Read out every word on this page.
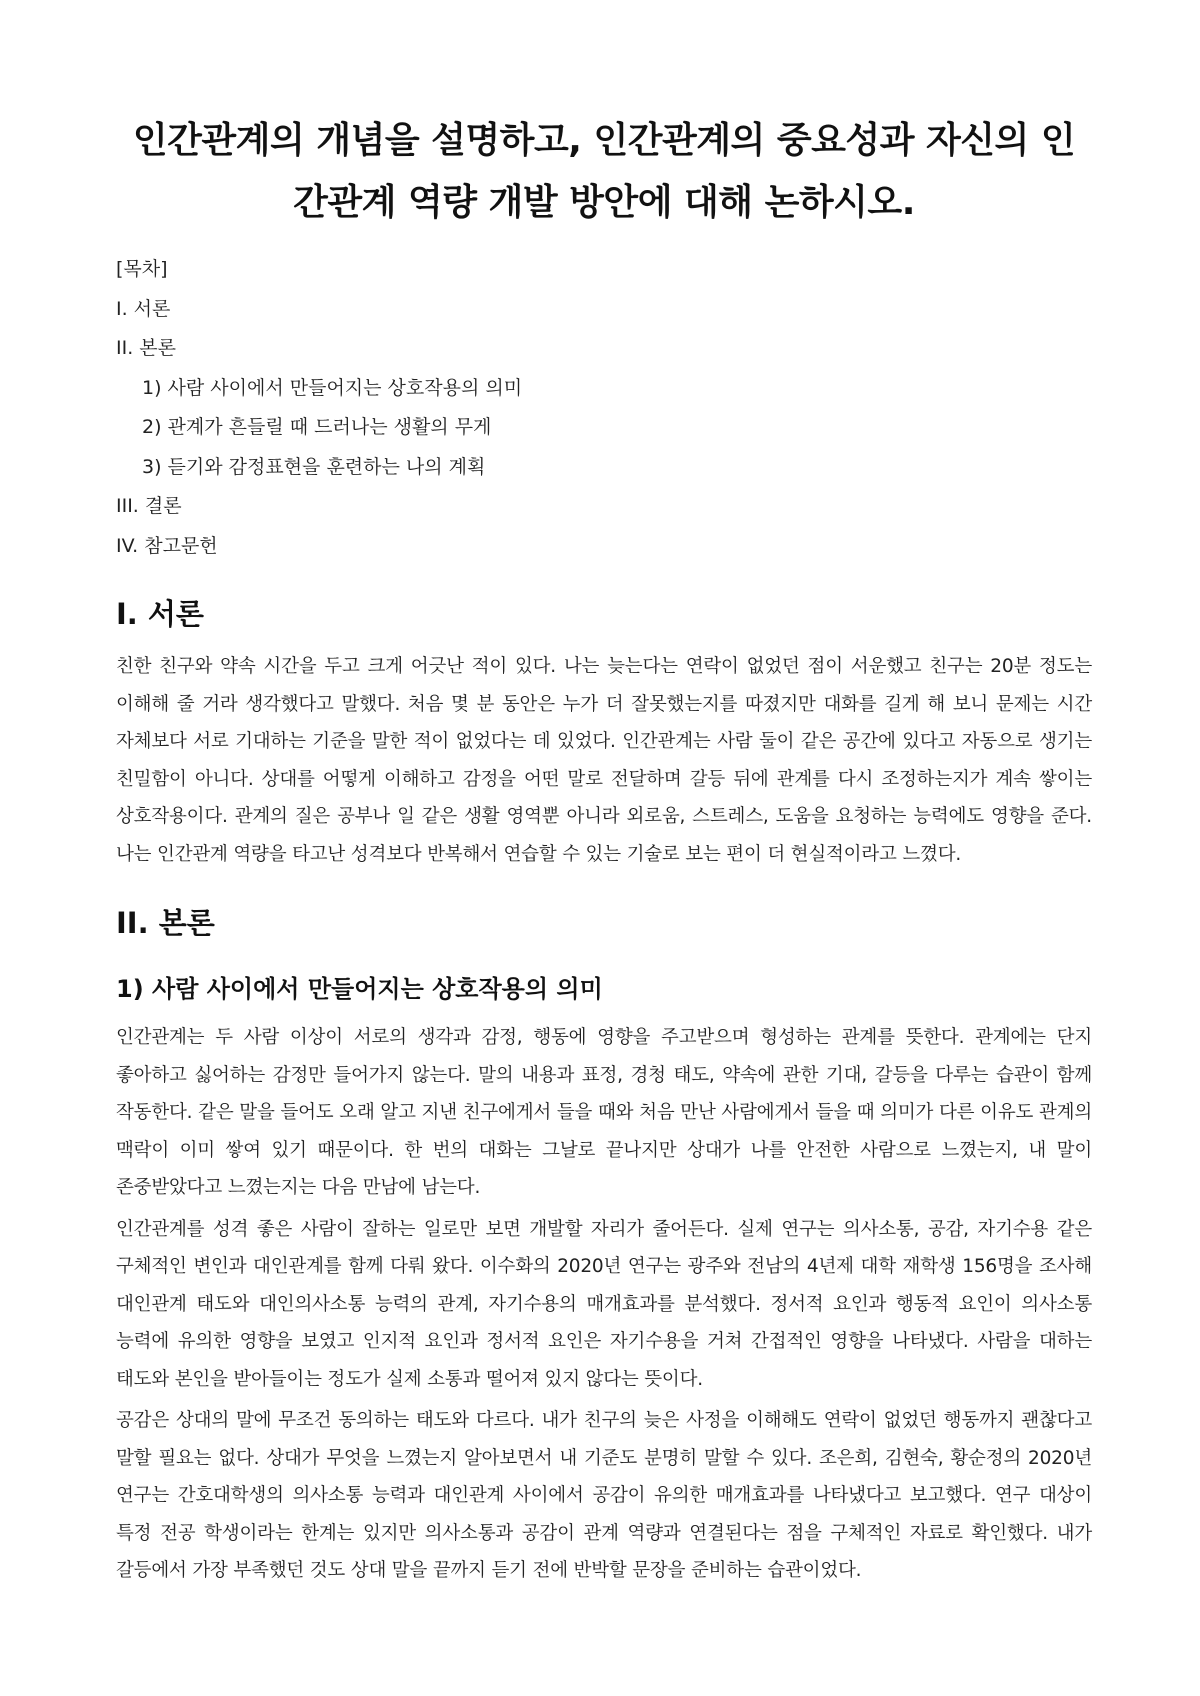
인간관계의 개념을 설명하고, 인간관계의 중요성과 자신의 인
간관계 역량 개발 방안에 대해 논하시오.
[목차]
I. 서론
II. 본론
1) 사람 사이에서 만들어지는 상호작용의 의미
2) 관계가 흔들릴 때 드러나는 생활의 무게
3) 듣기와 감정표현을 훈련하는 나의 계획
III. 결론
IV. 참고문헌
I. 서론

친한 친구와 약속 시간을 두고 크게 어긋난 적이 있다. 나는 늦는다는 연락이 없었던 점이 서운했고 친구는 20분 정도는 이해해 줄 거라 생각했다고 말했다. 처음 몇 분 동안은 누가 더 잘못했는지를 따졌지만 대화를 길게 해 보니 문제는 시간 자체보다 서로 기대하는 기준을 말한 적이 없었다는 데 있었다. 인간관계는 사람 둘이 같은 공간에 있다고 자동으로 생기는 친밀함이 아니다. 상대를 어떻게 이해하고 감정을 어떤 말로 전달하며 갈등 뒤에 관계를 다시 조정하는지가 계속 쌓이는 상호작용이다. 관계의 질은 공부나 일 같은 생활 영역뿐 아니라 외로움, 스트레스, 도움을 요청하는 능력에도 영향을 준다. 나는 인간관계 역량을 타고난 성격보다 반복해서 연습할 수 있는 기술로 보는 편이 더 현실적이라고 느꼈다.

II. 본론
1) 사람 사이에서 만들어지는 상호작용의 의미

인간관계는 두 사람 이상이 서로의 생각과 감정, 행동에 영향을 주고받으며 형성하는 관계를 뜻한다. 관계에는 단지 좋아하고 싫어하는 감정만 들어가지 않는다. 말의 내용과 표정, 경청 태도, 약속에 관한 기대, 갈등을 다루는 습관이 함께 작동한다. 같은 말을 들어도 오래 알고 지낸 친구에게서 들을 때와 처음 만난 사람에게서 들을 때 의미가 다른 이유도 관계의 맥락이 이미 쌓여 있기 때문이다. 한 번의 대화는 그날로 끝나지만 상대가 나를 안전한 사람으로 느꼈는지, 내 말이 존중받았다고 느꼈는지는 다음 만남에 남는다.

인간관계를 성격 좋은 사람이 잘하는 일로만 보면 개발할 자리가 줄어든다. 실제 연구는 의사소통, 공감, 자기수용 같은 구체적인 변인과 대인관계를 함께 다뤄 왔다. 이수화의 2020년 연구는 광주와 전남의 4년제 대학 재학생 156명을 조사해 대인관계 태도와 대인의사소통 능력의 관계, 자기수용의 매개효과를 분석했다. 정서적 요인과 행동적 요인이 의사소통 능력에 유의한 영향을 보였고 인지적 요인과 정서적 요인은 자기수용을 거쳐 간접적인 영향을 나타냈다. 사람을 대하는 태도와 본인을 받아들이는 정도가 실제 소통과 떨어져 있지 않다는 뜻이다.

공감은 상대의 말에 무조건 동의하는 태도와 다르다. 내가 친구의 늦은 사정을 이해해도 연락이 없었던 행동까지 괜찮다고 말할 필요는 없다. 상대가 무엇을 느꼈는지 알아보면서 내 기준도 분명히 말할 수 있다. 조은희, 김현숙, 황순정의 2020년 연구는 간호대학생의 의사소통 능력과 대인관계 사이에서 공감이 유의한 매개효과를 나타냈다고 보고했다. 연구 대상이 특정 전공 학생이라는 한계는 있지만 의사소통과 공감이 관계 역량과 연결된다는 점을 구체적인 자료로 확인했다. 내가 갈등에서 가장 부족했던 것도 상대 말을 끝까지 듣기 전에 반박할 문장을 준비하는 습관이었다.
